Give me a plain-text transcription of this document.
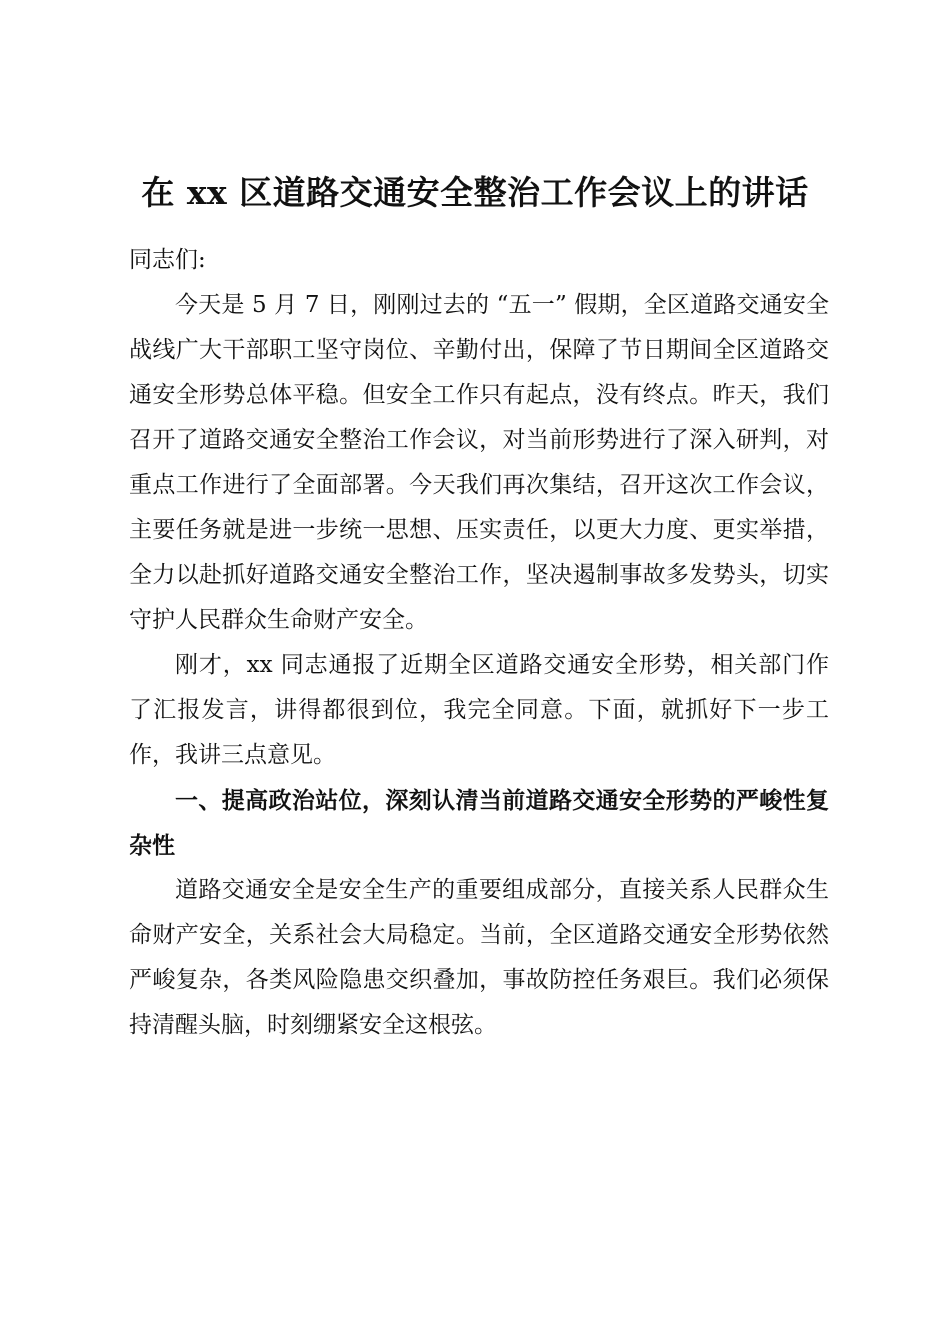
在 xx 区道路交通安全整治工作会议上的讲话

同志们:

今天是 5 月 7 日，刚刚过去的 “五一” 假期，全区道路交通安全战线广大干部职工坚守岗位、辛勤付出，保障了节日期间全区道路交通安全形势总体平稳。但安全工作只有起点，没有终点。昨天，我们召开了道路交通安全整治工作会议，对当前形势进行了深入研判，对重点工作进行了全面部署。今天我们再次集结，召开这次工作会议，主要任务就是进一步统一思想、压实责任，以更大力度、更实举措，全力以赴抓好道路交通安全整治工作，坚决遏制事故多发势头，切实守护人民群众生命财产安全。

刚才，xx 同志通报了近期全区道路交通安全形势，相关部门作了汇报发言，讲得都很到位，我完全同意。下面，就抓好下一步工作，我讲三点意见。

一、提高政治站位，深刻认清当前道路交通安全形势的严峻性复杂性

道路交通安全是安全生产的重要组成部分，直接关系人民群众生命财产安全，关系社会大局稳定。当前，全区道路交通安全形势依然严峻复杂，各类风险隐患交织叠加，事故防控任务艰巨。我们必须保持清醒头脑，时刻绷紧安全这根弦。
